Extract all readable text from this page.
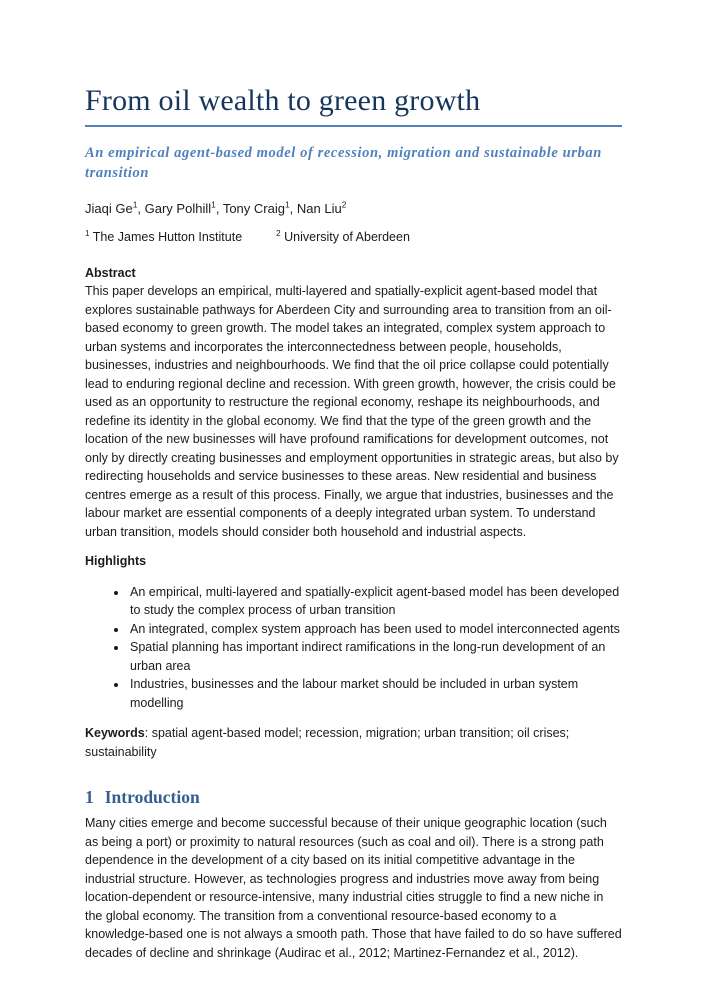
From oil wealth to green growth

An empirical agent-based model of recession, migration and sustainable urban transition

Jiaqi Ge$^1$, Gary Polhill$^1$, Tony Craig$^1$, Nan Liu$^2$

$^1$ The James Hutton Institute	$^2$ University of Aberdeen

Abstract

This paper develops an empirical, multi-layered and spatially-explicit agent-based model that explores sustainable pathways for Aberdeen City and surrounding area to transition from an oil-based economy to green growth. The model takes an integrated, complex system approach to urban systems and incorporates the interconnectedness between people, households, businesses, industries and neighbourhoods. We find that the oil price collapse could potentially lead to enduring regional decline and recession. With green growth, however, the crisis could be used as an opportunity to restructure the regional economy, reshape its neighbourhoods, and redefine its identity in the global economy. We find that the type of the green growth and the location of the new businesses will have profound ramifications for development outcomes, not only by directly creating businesses and employment opportunities in strategic areas, but also by redirecting households and service businesses to these areas. New residential and business centres emerge as a result of this process. Finally, we argue that industries, businesses and the labour market are essential components of a deeply integrated urban system. To understand urban transition, models should consider both household and industrial aspects.

Highlights

• An empirical, multi-layered and spatially-explicit agent-based model has been developed to study the complex process of urban transition
• An integrated, complex system approach has been used to model interconnected agents
• Spatial planning has important indirect ramifications in the long-run development of an urban area
• Industries, businesses and the labour market should be included in urban system modelling

Keywords: spatial agent-based model; recession, migration; urban transition; oil crises; sustainability

1 Introduction

Many cities emerge and become successful because of their unique geographic location (such as being a port) or proximity to natural resources (such as coal and oil). There is a strong path dependence in the development of a city based on its initial competitive advantage in the industrial structure. However, as technologies progress and industries move away from being location-dependent or resource-intensive, many industrial cities struggle to find a new niche in the global economy. The transition from a conventional resource-based economy to a knowledge-based one is not always a smooth path. Those that have failed to do so have suffered decades of decline and shrinkage (Audirac et al., 2012; Martinez-Fernandez et al., 2012).
